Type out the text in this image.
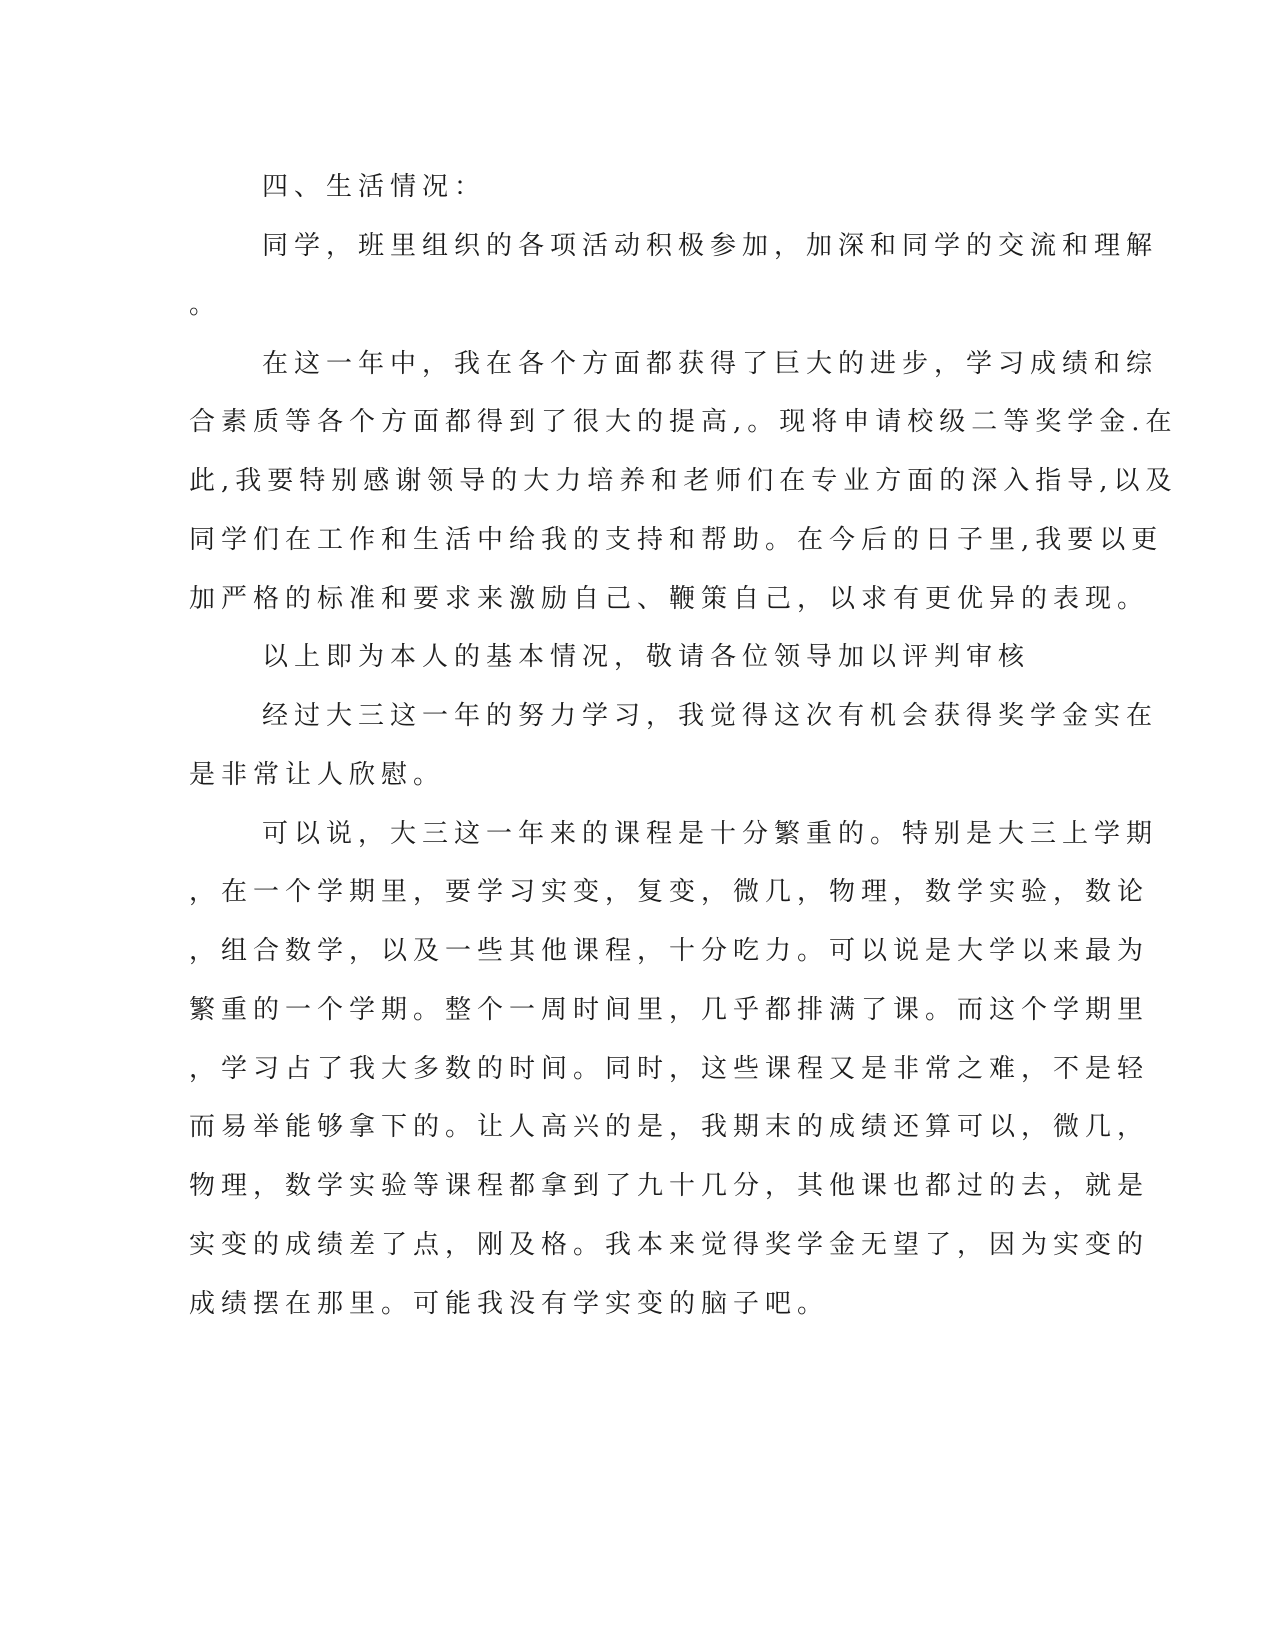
四、生活情况：

同学，班里组织的各项活动积极参加，加深和同学的交流和理解

。

在这一年中，我在各个方面都获得了巨大的进步，学习成绩和综

合素质等各个方面都得到了很大的提高,。现将申请校级二等奖学金.在

此,我要特别感谢领导的大力培养和老师们在专业方面的深入指导,以及

同学们在工作和生活中给我的支持和帮助。在今后的日子里,我要以更

加严格的标准和要求来激励自己、鞭策自己，以求有更优异的表现。

以上即为本人的基本情况，敬请各位领导加以评判审核

经过大三这一年的努力学习，我觉得这次有机会获得奖学金实在

是非常让人欣慰。

可以说，大三这一年来的课程是十分繁重的。特别是大三上学期

，在一个学期里，要学习实变，复变，微几，物理，数学实验，数论

，组合数学，以及一些其他课程，十分吃力。可以说是大学以来最为

繁重的一个学期。整个一周时间里，几乎都排满了课。而这个学期里

，学习占了我大多数的时间。同时，这些课程又是非常之难，不是轻

而易举能够拿下的。让人高兴的是，我期末的成绩还算可以，微几，

物理，数学实验等课程都拿到了九十几分，其他课也都过的去，就是

实变的成绩差了点，刚及格。我本来觉得奖学金无望了，因为实变的

成绩摆在那里。可能我没有学实变的脑子吧。
